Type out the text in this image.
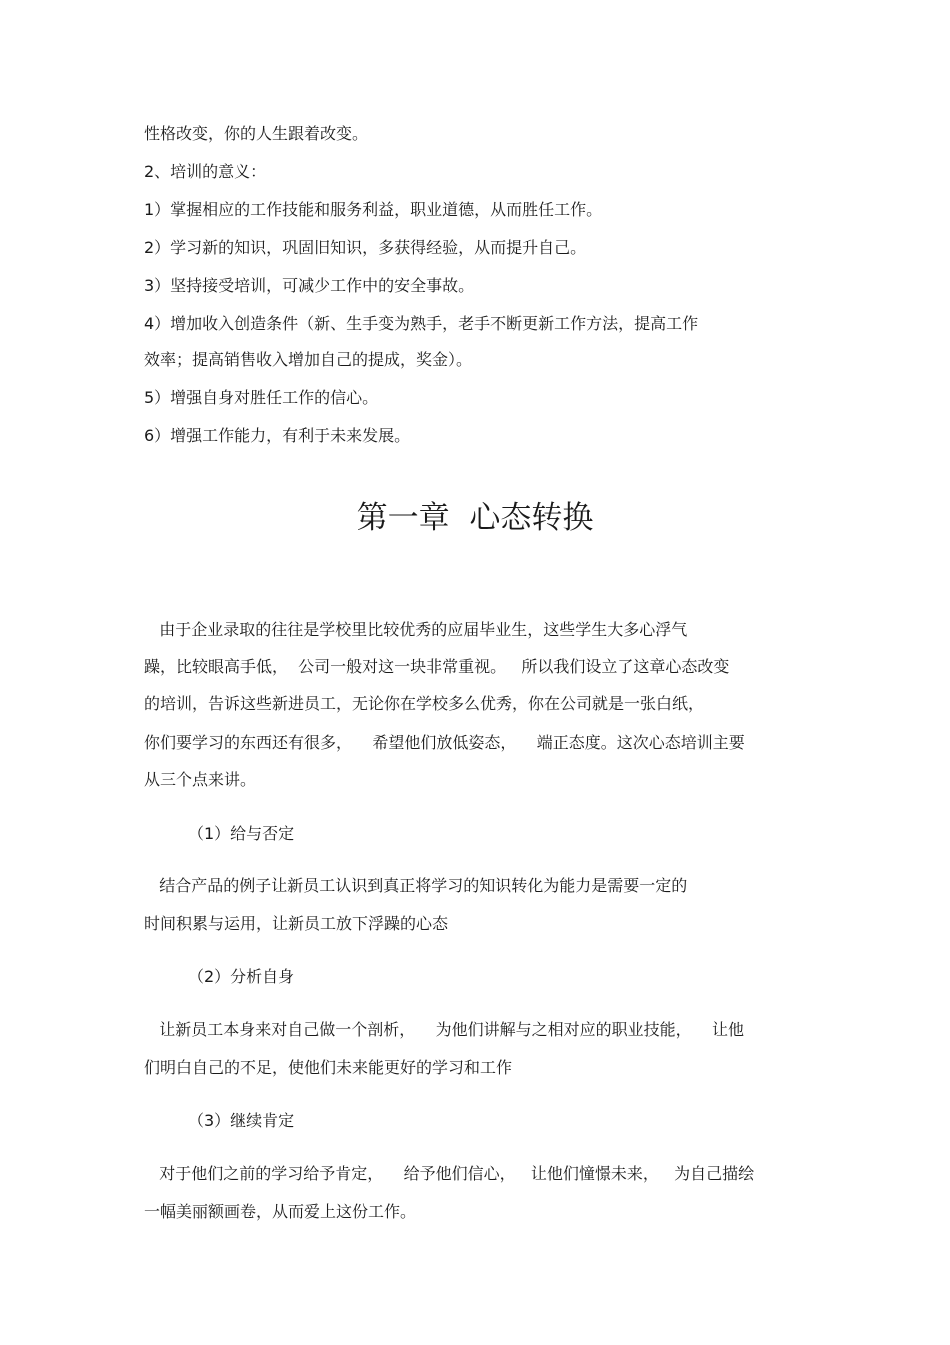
性格改变，你的人生跟着改变。

2、培训的意义：

1）掌握相应的工作技能和服务利益，职业道德，从而胜任工作。

2）学习新的知识，巩固旧知识，多获得经验，从而提升自己。

3）坚持接受培训，可减少工作中的安全事故。

4）增加收入创造条件（新、生手变为熟手，老手不断更新工作方法，提高工作

效率；提高销售收入增加自己的提成，奖金）。

5）增强自身对胜任工作的信心。

6）增强工作能力，有利于未来发展。

第一章  心态转换

由于企业录取的往往是学校里比较优秀的应届毕业生，这些学生大多心浮气

躁，比较眼高手低，  公司一般对这一块非常重视。   所以我们设立了这章心态改变

的培训，告诉这些新进员工，无论你在学校多么优秀，你在公司就是一张白纸，

你们要学习的东西还有很多，    希望他们放低姿态，    端正态度。这次心态培训主要

从三个点来讲。

（1）给与否定

结合产品的例子让新员工认识到真正将学习的知识转化为能力是需要一定的

时间积累与运用，让新员工放下浮躁的心态

（2）分析自身

让新员工本身来对自己做一个剖析，    为他们讲解与之相对应的职业技能，    让他

们明白自己的不足，使他们未来能更好的学习和工作

（3）继续肯定

对于他们之前的学习给予肯定，    给予他们信心，   让他们憧憬未来，   为自己描绘

一幅美丽额画卷，从而爱上这份工作。
